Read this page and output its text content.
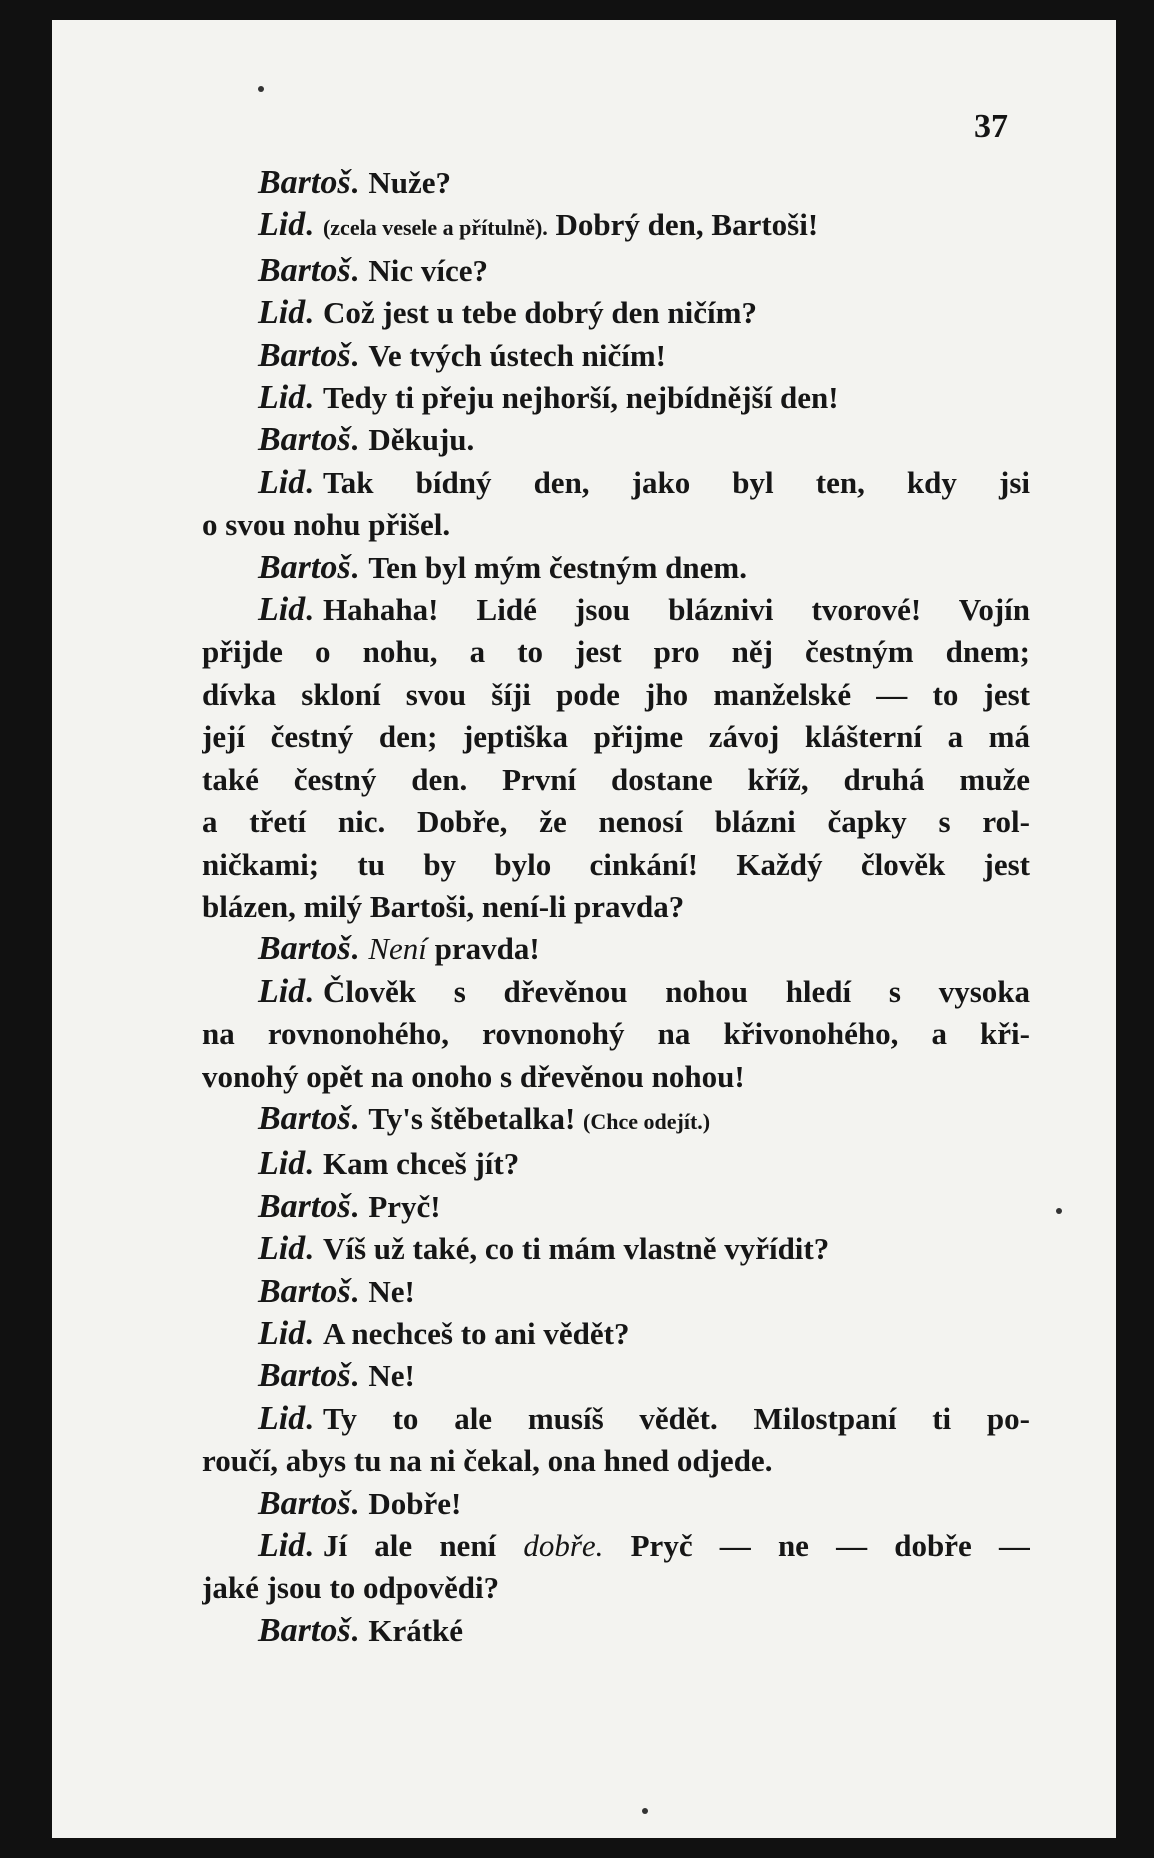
37
Bartoš. Nuže?
Lid. (zcela vesele a přítulně). Dobrý den, Bartoši!
Bartoš. Nic více?
Lid. Což jest u tebe dobrý den ničím?
Bartoš. Ve tvých ústech ničím!
Lid. Tedy ti přeju nejhorší, nejbídnější den!
Bartoš. Děkuju.
Lid. Tak bídný den, jako byl ten, kdy jsi
o svou nohu přišel.
Bartoš. Ten byl mým čestným dnem.
Lid. Hahaha! Lidé jsou bláznivi tvorové! Vojín
přijde o nohu, a to jest pro něj čestným dnem;
dívka skloní svou šíji pode jho manželské — to jest
její čestný den; jeptiška přijme závoj klášterní a má
také čestný den. První dostane kříž, druhá muže
a třetí nic. Dobře, že nenosí blázni čapky s rol-
ničkami; tu by bylo cinkání! Každý člověk jest
blázen, milý Bartoši, není-li pravda?
Bartoš. Není pravda!
Lid. Člověk s dřevěnou nohou hledí s vysoka
na rovnonohého, rovnonohý na křivonohého, a kři-
vonohý opět na onoho s dřevěnou nohou!
Bartoš. Ty's štěbetalka! (Chce odejít.)
Lid. Kam chceš jít?
Bartoš. Pryč!
Lid. Víš už také, co ti mám vlastně vyřídit?
Bartoš. Ne!
Lid. A nechceš to ani vědět?
Bartoš. Ne!
Lid. Ty to ale musíš vědět. Milostpaní ti po-
roučí, abys tu na ni čekal, ona hned odjede.
Bartoš. Dobře!
Lid. Jí ale není dobře. Pryč — ne — dobře —
jaké jsou to odpovědi?
Bartoš. Krátké
